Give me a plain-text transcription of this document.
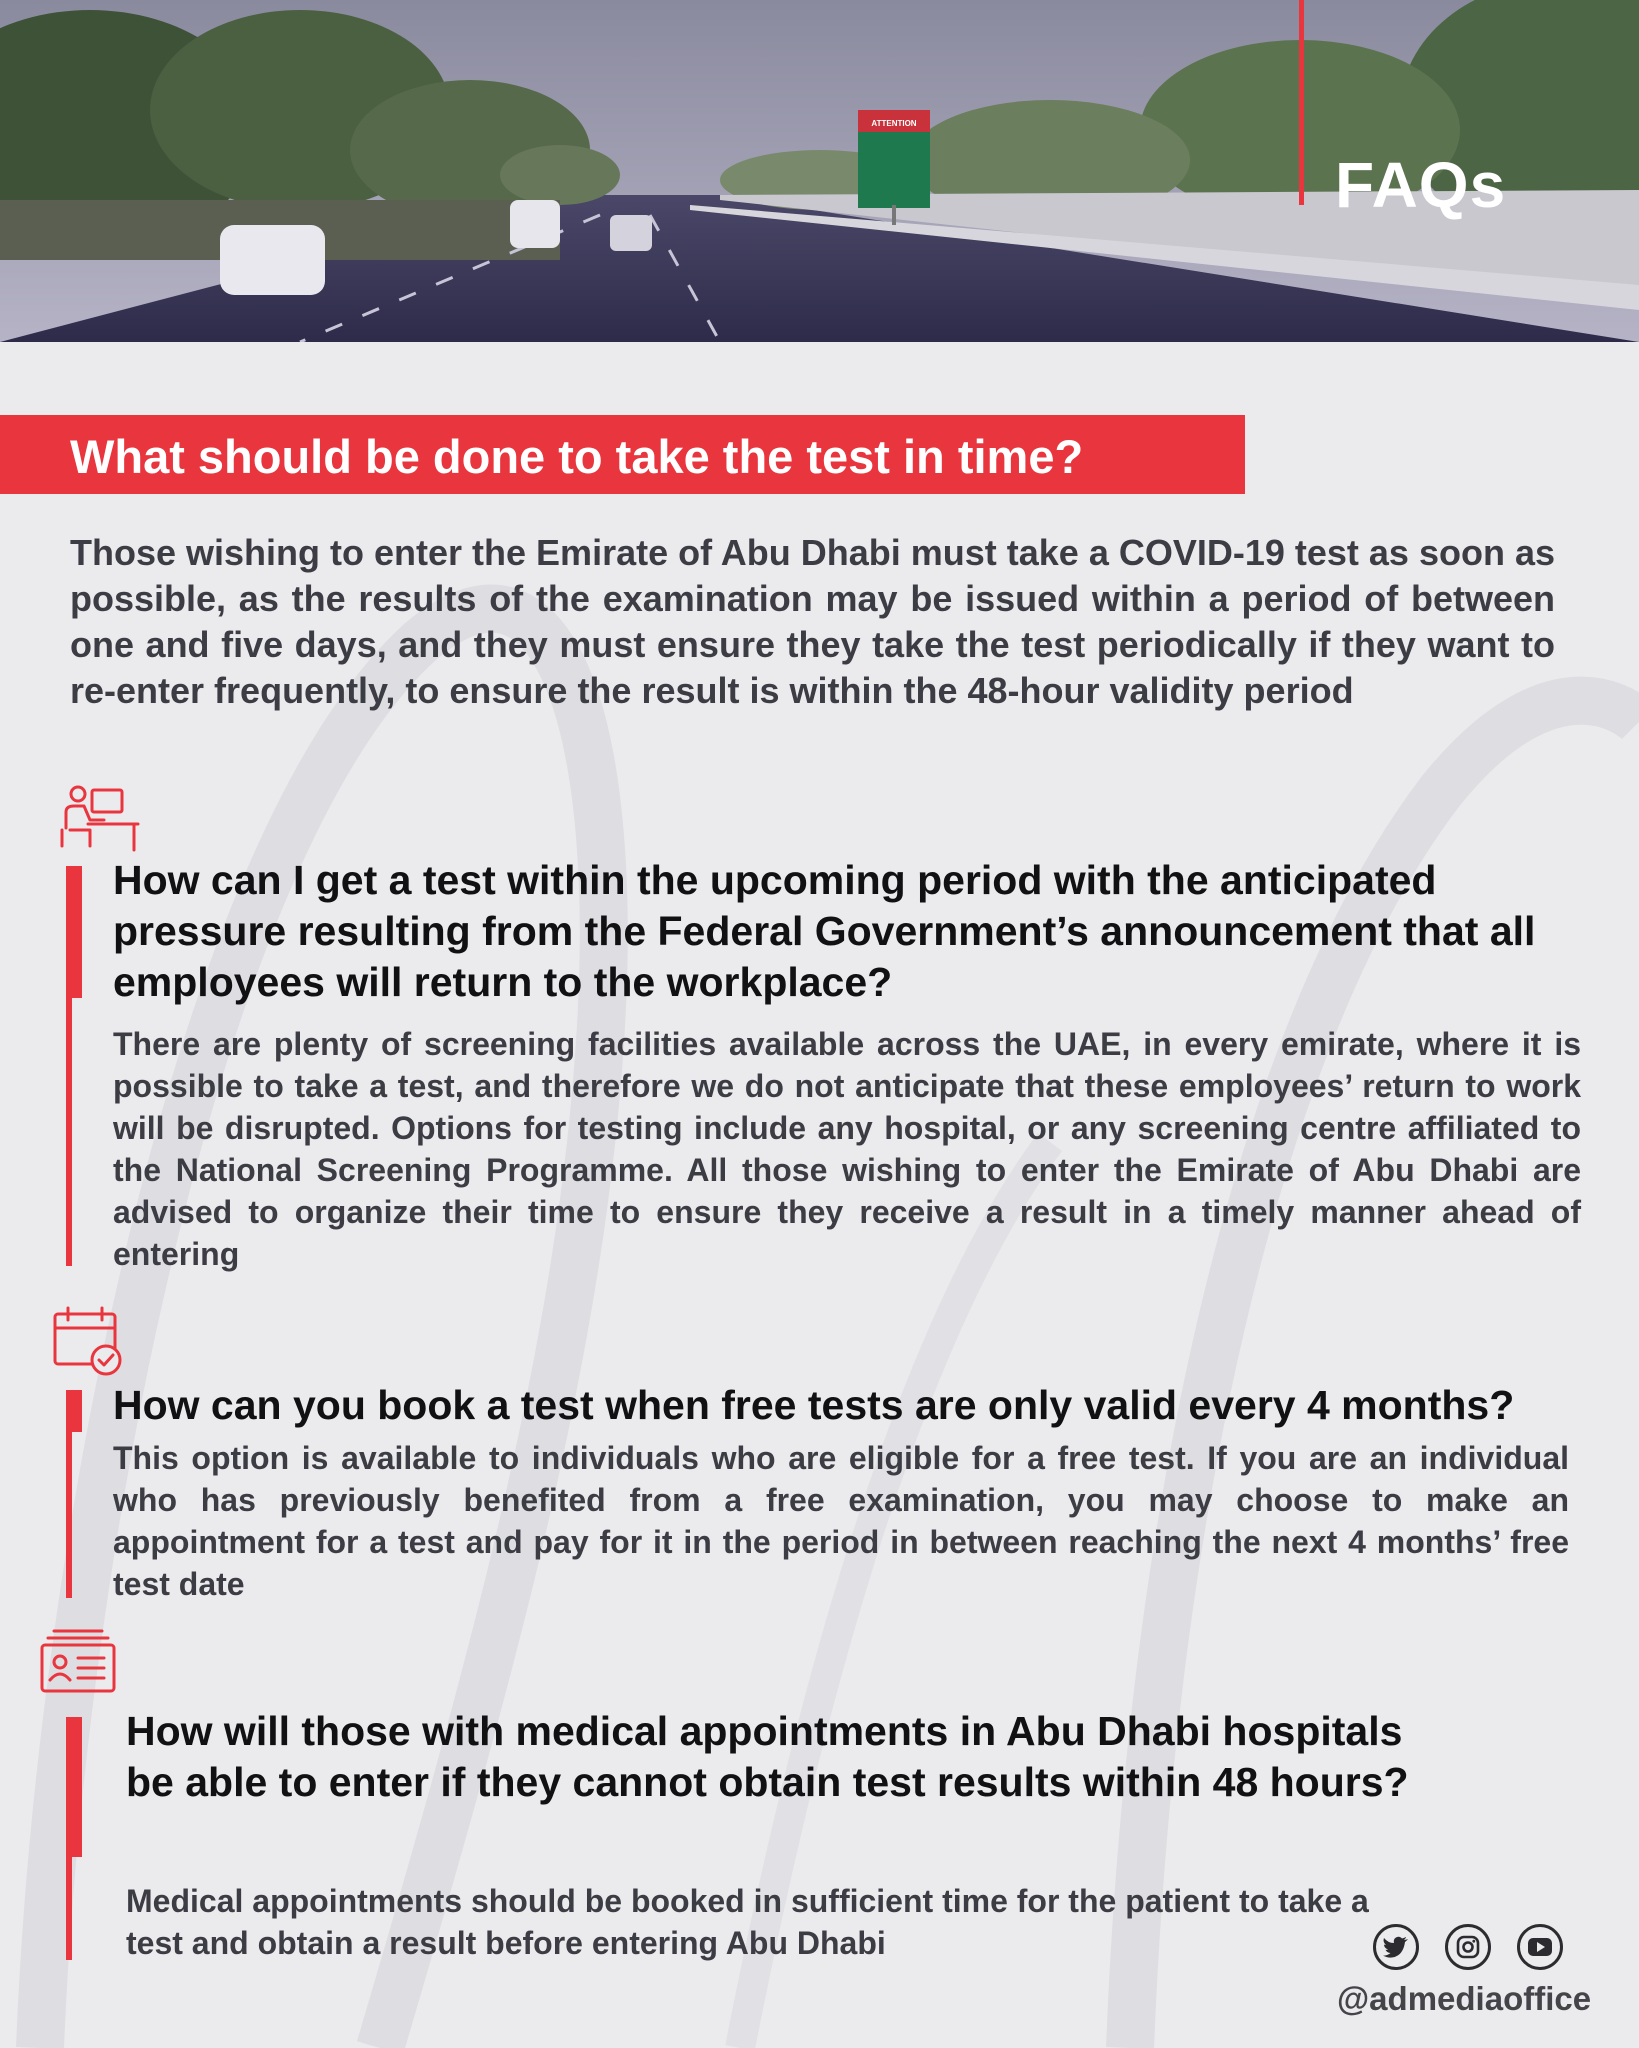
ATTENTION
FAQs
What should be done to take the test in time?
Those wishing to enter the Emirate of Abu Dhabi must take a COVID-19 test as soon as possible, as the results of the examination may be issued within a period of between one and five days, and they must ensure they take the test periodically if they want to re-enter frequently, to ensure the result is within the 48-hour validity period
How can I get a test within the upcoming period with the anticipated pressure resulting from the Federal Government’s announcement that all employees will return to the workplace?
There are plenty of screening facilities available across the UAE, in every emirate, where it is possible to take a test, and therefore we do not anticipate that these employees’ return to work will be disrupted. Options for testing include any hospital, or any screening centre affiliated to the National Screening Programme. All those wishing to enter the Emirate of Abu Dhabi are advised to organize their time to ensure they receive a result in a timely manner ahead of entering
How can you book a test when free tests are only valid every 4 months?
This option is available to individuals who are eligible for a free test. If you are an individual who has previously benefited from a free examination, you may choose to make an appointment for a test and pay for it in the period in between reaching the next 4 months’ free test date
How will those with medical appointments in Abu Dhabi hospitals be able to enter if they cannot obtain test results within 48 hours?
Medical appointments should be booked in sufficient time for the patient to take a test and obtain a result before entering Abu Dhabi
@admediaoffice
